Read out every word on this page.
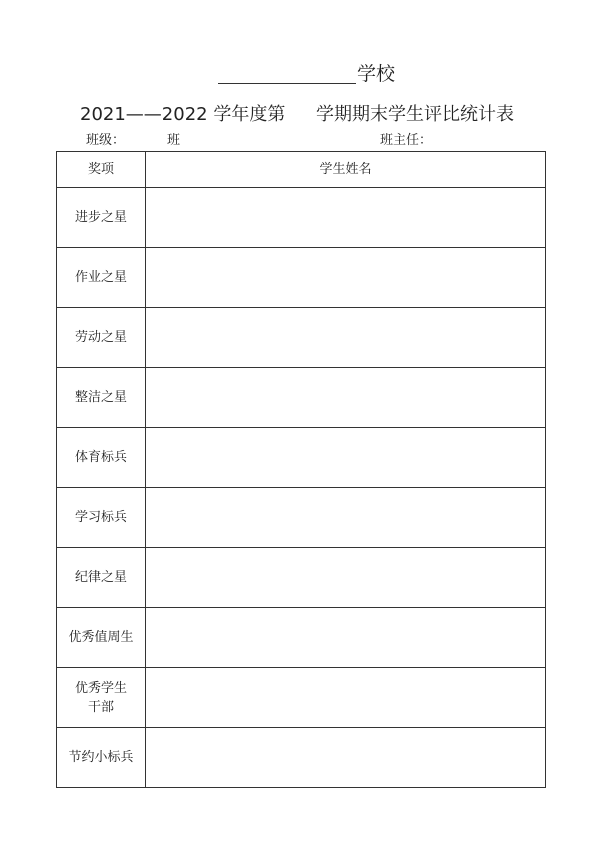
学校
2021——2022 学年度第 学期期末学生评比统计表
班级：	班	班主任：
奖项	学生姓名
进步之星	
作业之星	
劳动之星	
整洁之星	
体育标兵	
学习标兵	
纪律之星	
优秀值周生	
优秀学生干部	
节约小标兵	
